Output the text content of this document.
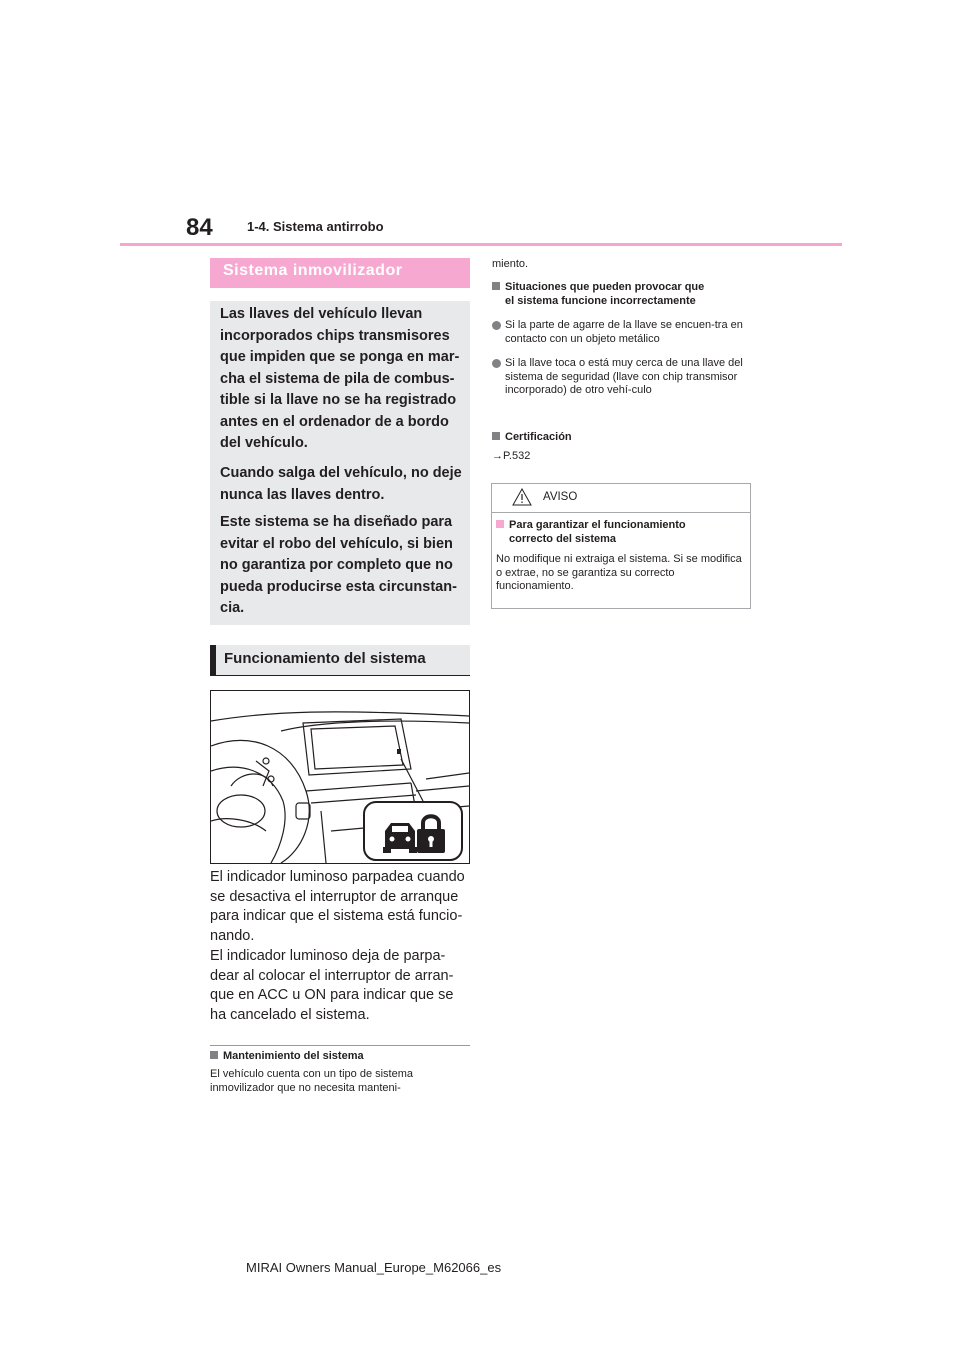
84	1-4. Sistema antirrobo
Sistema inmovilizador

Las llaves del vehículo llevan incorporados chips transmisores que impiden que se ponga en mar-cha el sistema de pila de combus-tible si la llave no se ha registrado antes en el ordenador de a bordo del vehículo.

Cuando salga del vehículo, no deje nunca las llaves dentro.

Este sistema se ha diseñado para evitar el robo del vehículo, si bien no garantiza por completo que no pueda producirse esta circunstan-cia.

Funcionamiento del sistema

El indicador luminoso parpadea cuando se desactiva el interruptor de arranque para indicar que el sistema está funcio-nando.

El indicador luminoso deja de parpa-dear al colocar el interruptor de arran-que en ACC u ON para indicar que se ha cancelado el sistema.

Mantenimiento del sistema

El vehículo cuenta con un tipo de sistema inmovilizador que no necesita manteni-

miento.

Situaciones que pueden provocar que
el sistema funcione incorrectamente

Si la parte de agarre de la llave se encuen-tra en contacto con un objeto metálico

Si la llave toca o está muy cerca de una llave del sistema de seguridad (llave con chip transmisor incorporado) de otro vehí-culo

Certificación

→P.532

AVISO

Para garantizar el funcionamiento
correcto del sistema

No modifique ni extraiga el sistema. Si se modifica o extrae, no se garantiza su correcto funcionamiento.

MIRAI Owners Manual_Europe_M62066_es
